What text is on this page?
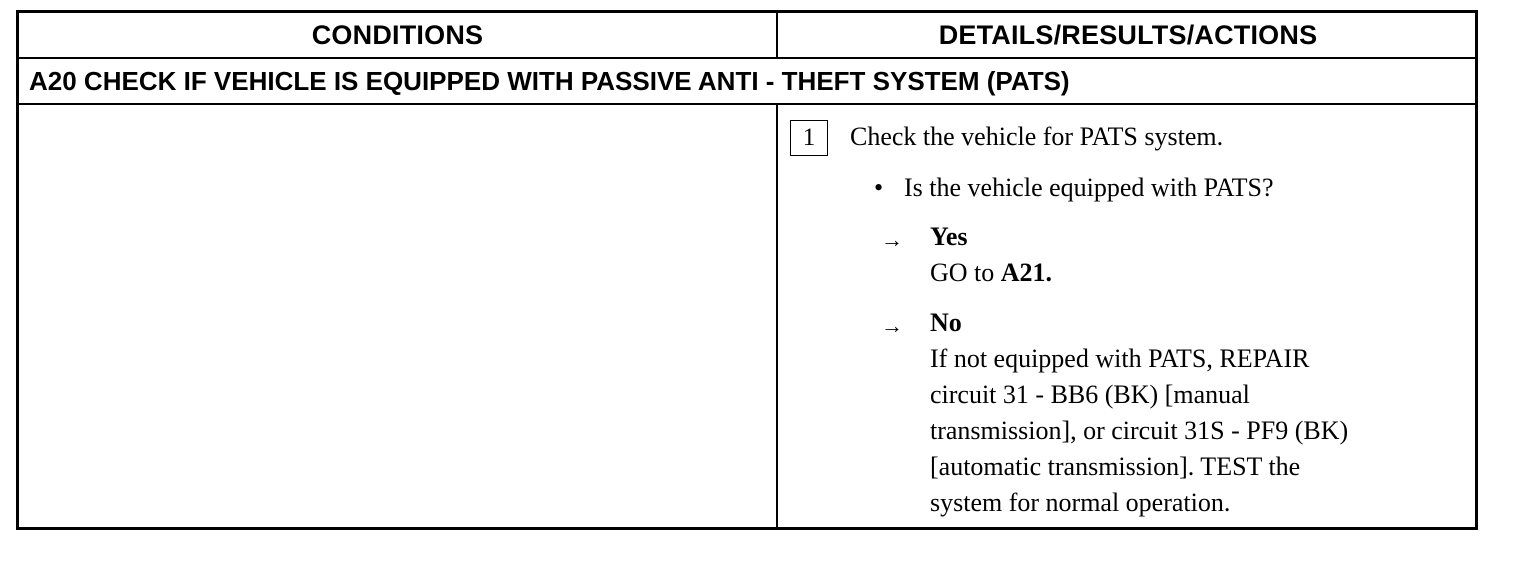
CONDITIONS	DETAILS/RESULTS/ACTIONS
A20 CHECK IF VEHICLE IS EQUIPPED WITH PASSIVE ANTI - THEFT SYSTEM (PATS)
1	Check the vehicle for PATS system.
• Is the vehicle equipped with PATS?
→ Yes
GO to A21.
→ No
If not equipped with PATS, REPAIR
circuit 31 - BB6 (BK) [manual
transmission], or circuit 31S - PF9 (BK)
[automatic transmission]. TEST the
system for normal operation.
